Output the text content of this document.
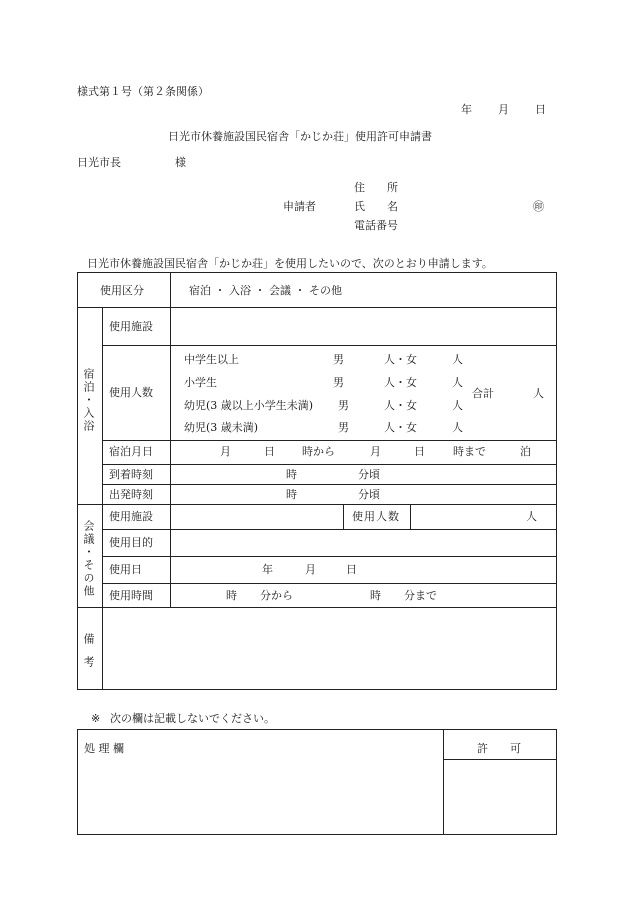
様式第１号（第２条関係）
年 月 日
日光市休養施設国民宿舎「かじか荘」使用許可申請書
日光市長	様
住　　所
申請者	氏　　名	㊞
電話番号
日光市休養施設国民宿舎「かじか荘」を使用したいので、次のとおり申請します。
使用区分	宿泊 ・ 入浴 ・ 会議 ・ その他
宿泊・入浴
使用施設
使用人数
中学生以上	男	人・女	人
小学生	男	人・女	人
幼児(3 歳以上小学生未満) 男	人・女	人
幼児(3 歳未満)	男	人・女	人
合計	人
宿泊月日	月	日 時から	月	日	時まで	泊
到着時刻	時	分頃
出発時刻	時	分頃
会議・その他
使用施設	使用人数	人
使用目的
使用日	年	月	日
使用時間	時 分から	時 分まで
備考
※ 次の欄は記載しないでください。
処 理 欄	許　　可
